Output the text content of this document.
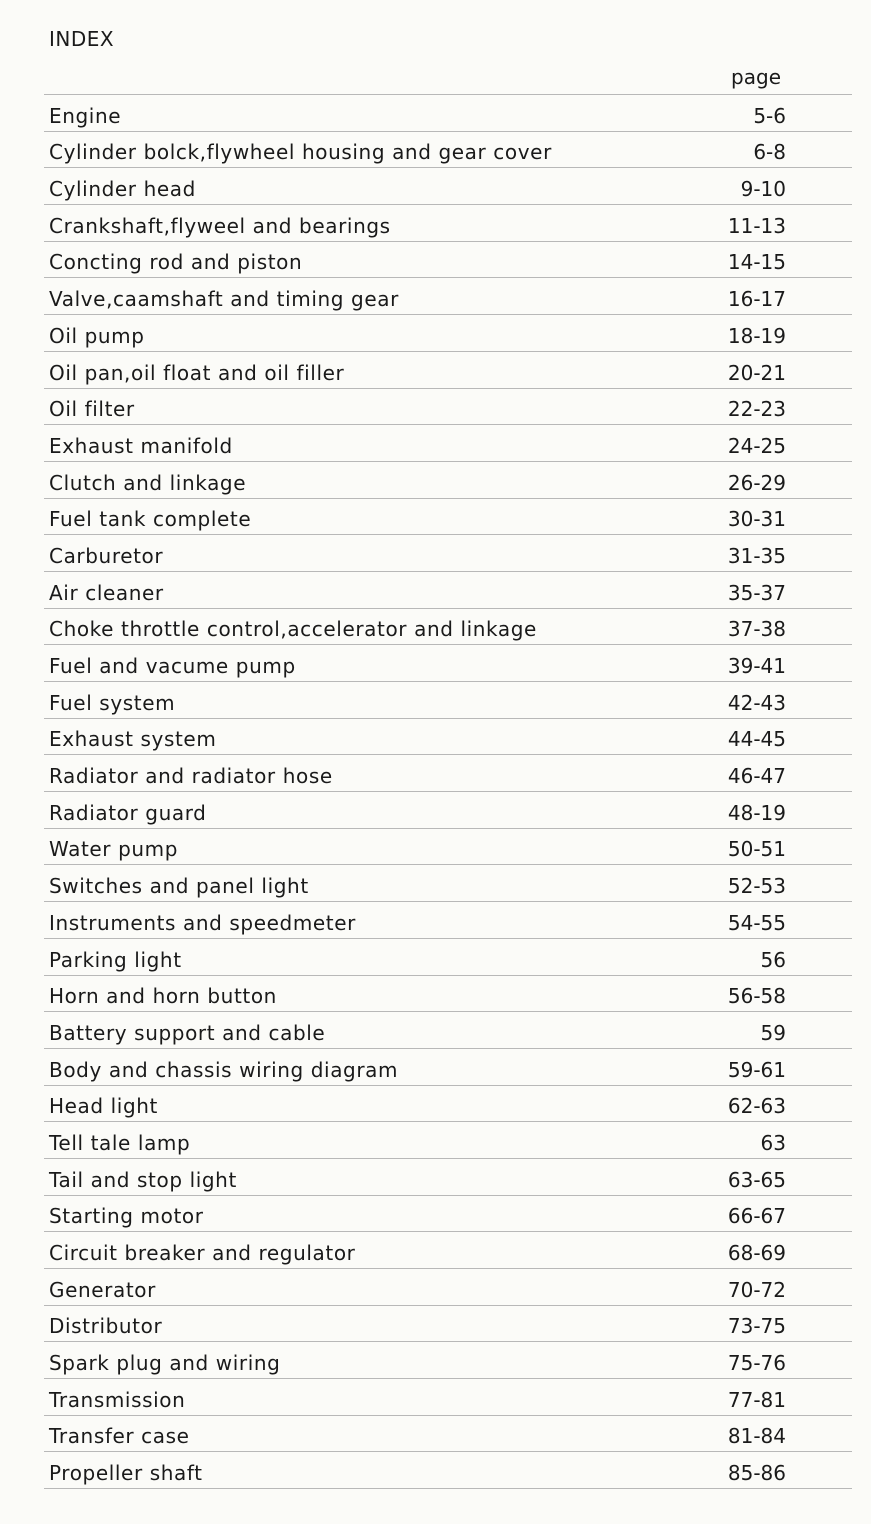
INDEX
page
Engine	5-6
Cylinder bolck,flywheel housing and gear cover	6-8
Cylinder head	9-10
Crankshaft,flyweel and bearings	11-13
Concting rod and piston	14-15
Valve,caamshaft and timing gear	16-17
Oil pump	18-19
Oil pan,oil float and oil filler	20-21
Oil filter	22-23
Exhaust manifold	24-25
Clutch and linkage	26-29
Fuel tank complete	30-31
Carburetor	31-35
Air cleaner	35-37
Choke throttle control,accelerator and linkage	37-38
Fuel and vacume pump	39-41
Fuel system	42-43
Exhaust system	44-45
Radiator and radiator hose	46-47
Radiator guard	48-19
Water pump	50-51
Switches and panel light	52-53
Instruments and speedmeter	54-55
Parking light	56
Horn and horn button	56-58
Battery support and cable	59
Body and chassis wiring diagram	59-61
Head light	62-63
Tell tale lamp	63
Tail and stop light	63-65
Starting motor	66-67
Circuit breaker and regulator	68-69
Generator	70-72
Distributor	73-75
Spark plug and wiring	75-76
Transmission	77-81
Transfer case	81-84
Propeller shaft	85-86
